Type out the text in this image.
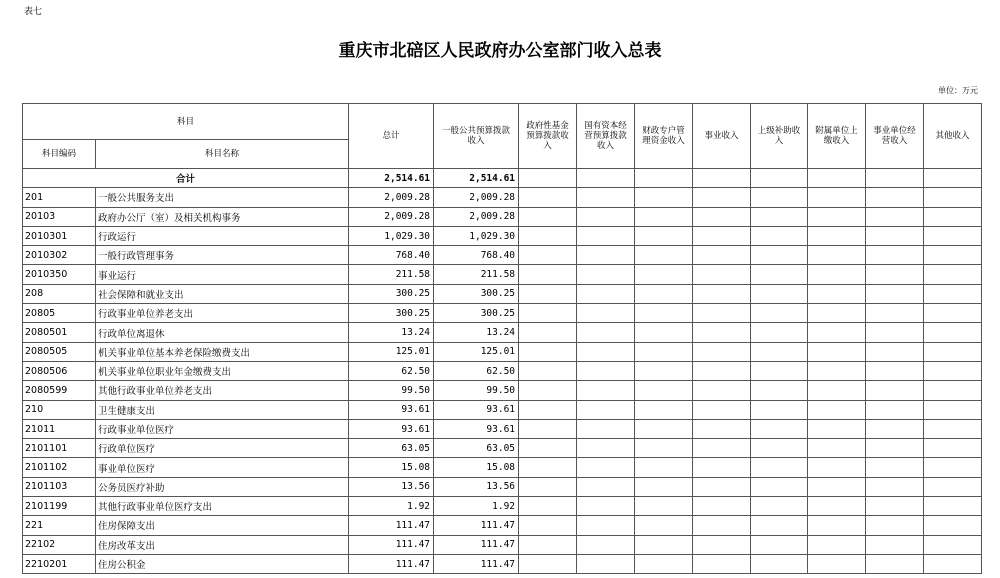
表七
重庆市北碚区人民政府办公室部门收入总表
单位：万元
科目		总计	一般公共预算拨款收入	政府性基金预算拨款收入	国有资本经营预算拨款收入	财政专户管理资金收入	事业收入	上级补助收入	附属单位上缴收入	事业单位经营收入	其他收入
科目编码	科目名称										
合计		2,514.61	2,514.61								
201	一般公共服务支出	2,009.28	2,009.28								
20103	政府办公厅（室）及相关机构事务	2,009.28	2,009.28								
2010301	行政运行	1,029.30	1,029.30								
2010302	一般行政管理事务	768.40	768.40								
2010350	事业运行	211.58	211.58								
208	社会保障和就业支出	300.25	300.25								
20805	行政事业单位养老支出	300.25	300.25								
2080501	行政单位离退休	13.24	13.24								
2080505	机关事业单位基本养老保险缴费支出	125.01	125.01								
2080506	机关事业单位职业年金缴费支出	62.50	62.50								
2080599	其他行政事业单位养老支出	99.50	99.50								
210	卫生健康支出	93.61	93.61								
21011	行政事业单位医疗	93.61	93.61								
2101101	行政单位医疗	63.05	63.05								
2101102	事业单位医疗	15.08	15.08								
2101103	公务员医疗补助	13.56	13.56								
2101199	其他行政事业单位医疗支出	1.92	1.92								
221	住房保障支出	111.47	111.47								
22102	住房改革支出	111.47	111.47								
2210201	住房公积金	111.47	111.47								
